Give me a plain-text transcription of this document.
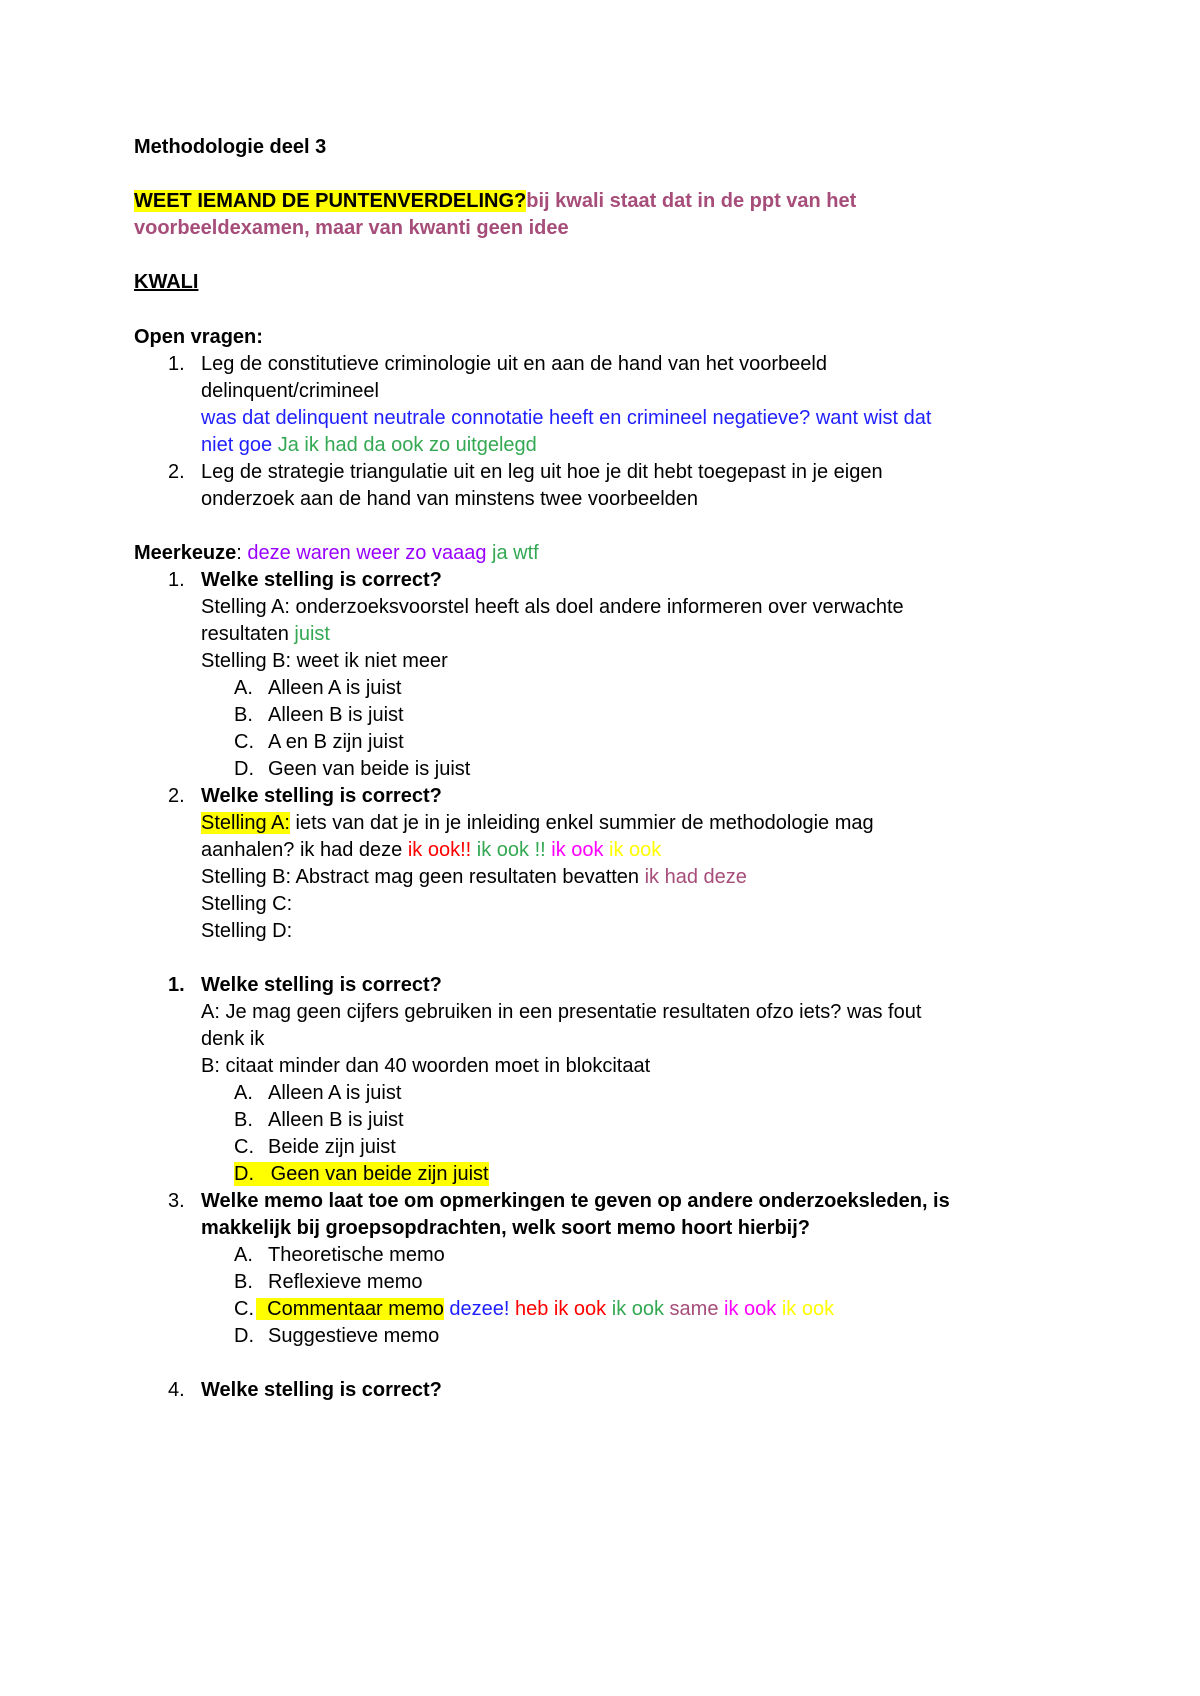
Methodologie deel 3
WEET IEMAND DE PUNTENVERDELING?bij kwali staat dat in de ppt van het
voorbeeldexamen, maar van kwanti geen idee
KWALI
Open vragen:
1. Leg de constitutieve criminologie uit en aan de hand van het voorbeeld
delinquent/crimineel
was dat delinquent neutrale connotatie heeft en crimineel negatieve? want wist dat
niet goe Ja ik had da ook zo uitgelegd
2. Leg de strategie triangulatie uit en leg uit hoe je dit hebt toegepast in je eigen
onderzoek aan de hand van minstens twee voorbeelden
Meerkeuze: deze waren weer zo vaaag ja wtf
1. Welke stelling is correct?
Stelling A: onderzoeksvoorstel heeft als doel andere informeren over verwachte
resultaten juist
Stelling B: weet ik niet meer
A. Alleen A is juist
B. Alleen B is juist
C. A en B zijn juist
D. Geen van beide is juist
2. Welke stelling is correct?
Stelling A: iets van dat je in je inleiding enkel summier de methodologie mag
aanhalen? ik had deze ik ook!! ik ook !! ik ook ik ook
Stelling B: Abstract mag geen resultaten bevatten ik had deze
Stelling C:
Stelling D:
1. Welke stelling is correct?
A: Je mag geen cijfers gebruiken in een presentatie resultaten ofzo iets? was fout
denk ik
B: citaat minder dan 40 woorden moet in blokcitaat
A. Alleen A is juist
B. Alleen B is juist
C. Beide zijn juist
D. Geen van beide zijn juist
3. Welke memo laat toe om opmerkingen te geven op andere onderzoeksleden, is
makkelijk bij groepsopdrachten, welk soort memo hoort hierbij?
A. Theoretische memo
B. Reflexieve memo
C. Commentaar memo dezee! heb ik ook ik ook same ik ook ik ook
D. Suggestieve memo
4. Welke stelling is correct?
